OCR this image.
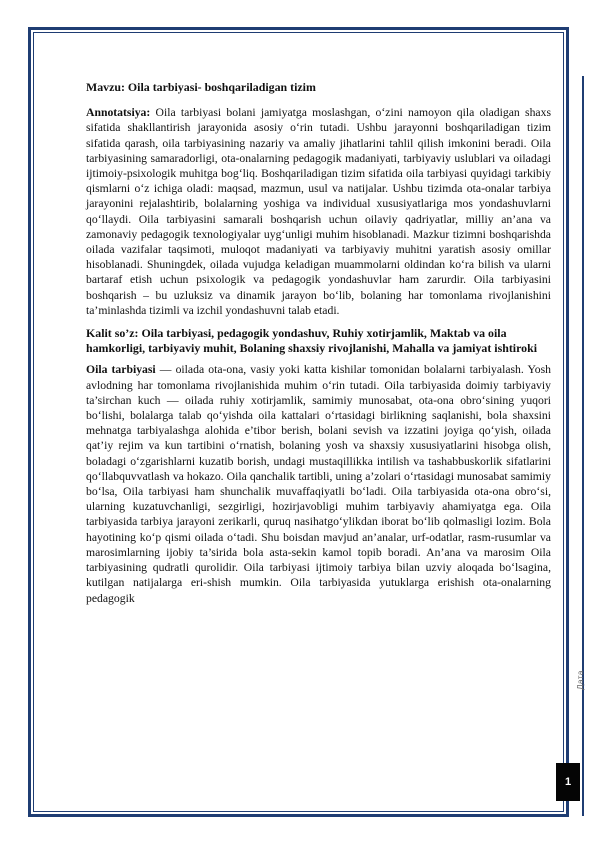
Дата
1

Mavzu: Oila tarbiyasi- boshqariladigan tizim

Annotatsiya: Oila tarbiyasi bolani jamiyatga moslashgan, o‘zini namoyon qila oladigan shaxs sifatida shakllantirish jarayonida asosiy o‘rin tutadi. Ushbu jarayonni boshqariladigan tizim sifatida qarash, oila tarbiyasining nazariy va amaliy jihatlarini tahlil qilish imkonini beradi. Oila tarbiyasining samaradorligi, ota-onalarning pedagogik madaniyati, tarbiyaviy uslublari va oiladagi ijtimoiy-psixologik muhitga bog‘liq. Boshqariladigan tizim sifatida oila tarbiyasi quyidagi tarkibiy qismlarni o‘z ichiga oladi: maqsad, mazmun, usul va natijalar. Ushbu tizimda ota-onalar tarbiya jarayonini rejalashtirib, bolalarning yoshiga va individual xususiyatlariga mos yondashuvlarni qo‘llaydi. Oila tarbiyasini samarali boshqarish uchun oilaviy qadriyatlar, milliy an’ana va zamonaviy pedagogik texnologiyalar uyg‘unligi muhim hisoblanadi. Mazkur tizimni boshqarishda oilada vazifalar taqsimoti, muloqot madaniyati va tarbiyaviy muhitni yaratish asosiy omillar hisoblanadi. Shuningdek, oilada vujudga keladigan muammolarni oldindan ko‘ra bilish va ularni bartaraf etish uchun psixologik va pedagogik yondashuvlar ham zarurdir. Oila tarbiyasini boshqarish – bu uzluksiz va dinamik jarayon bo‘lib, bolaning har tomonlama rivojlanishini ta’minlashda tizimli va izchil yondashuvni talab etadi.

Kalit so’z: Oila tarbiyasi, pedagogik yondashuv, Ruhiy xotirjamlik, Maktab va oila hamkorligi, tarbiyaviy muhit, Bolaning shaxsiy rivojlanishi, Mahalla va jamiyat ishtiroki

Oila tarbiyasi — oilada ota-ona, vasiy yoki katta kishilar tomonidan bolalarni tarbiyalash. Yosh avlodning har tomonlama rivojlanishida muhim o‘rin tutadi. Oila tarbiyasida doimiy tarbiyaviy ta’sirchan kuch — oilada ruhiy xotirjamlik, samimiy munosabat, ota-ona obro‘sining yuqori bo‘lishi, bolalarga talab qo‘yishda oila kattalari o‘rtasidagi birlikning saqlanishi, bola shaxsini mehnatga tarbiyalashga alohida e’tibor berish, bolani sevish va izzatini joyiga qo‘yish, oilada qat’iy rejim va kun tartibini o‘rnatish, bolaning yosh va shaxsiy xususiyatlarini hisobga olish, boladagi o‘zgarishlarni kuzatib borish, undagi mustaqillikka intilish va tashabbuskorlik sifatlarini qo‘llabquvvatlash va hokazo. Oila qanchalik tartibli, uning a’zolari o‘rtasidagi munosabat samimiy bo‘lsa, Oila tarbiyasi ham shunchalik muvaffaqiyatli bo‘ladi. Oila tarbiyasida ota-ona obro‘si, ularning kuzatuvchanligi, sezgirligi, hozirjavobligi muhim tarbiyaviy ahamiyatga ega. Oila tarbiyasida tarbiya jarayoni zerikarli, quruq nasihatgo‘ylikdan iborat bo‘lib qolmasligi lozim. Bola hayotining ko‘p qismi oilada o‘tadi. Shu boisdan mavjud an’analar, urf-odatlar, rasm-rusumlar va marosimlarning ijobiy ta’sirida bola asta-sekin kamol topib boradi. An’ana va marosim Oila tarbiyasining qudratli qurolidir. Oila tarbiyasi ijtimoiy tarbiya bilan uzviy aloqada bo‘lsagina, kutilgan natijalarga eri-shish mumkin. Oila tarbiyasida yutuklarga erishish ota-onalarning pedagogik
